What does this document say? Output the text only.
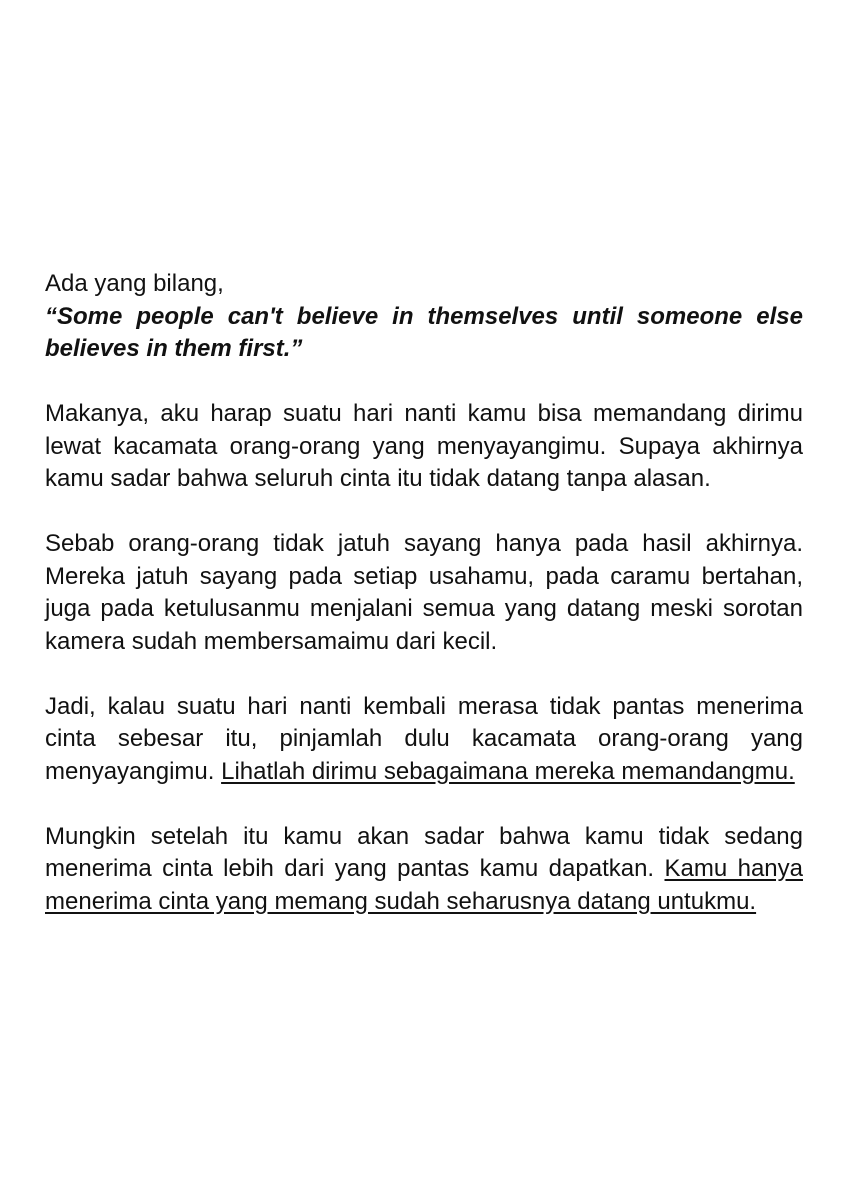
Ada yang bilang,

“Some people can't believe in themselves until someone else believes in them first.”

Makanya, aku harap suatu hari nanti kamu bisa memandang dirimu lewat kacamata orang-orang yang menyayangimu. Supaya akhirnya kamu sadar bahwa seluruh cinta itu tidak datang tanpa alasan.

Sebab orang-orang tidak jatuh sayang hanya pada hasil akhirnya. Mereka jatuh sayang pada setiap usahamu, pada caramu bertahan, juga pada ketulusanmu menjalani semua yang datang meski sorotan kamera sudah membersamaimu dari kecil.

Jadi, kalau suatu hari nanti kembali merasa tidak pantas menerima cinta sebesar itu, pinjamlah dulu kacamata orang-orang yang menyayangimu. Lihatlah dirimu sebagaimana mereka memandangmu.

Mungkin setelah itu kamu akan sadar bahwa kamu tidak sedang menerima cinta lebih dari yang pantas kamu dapatkan. Kamu hanya menerima cinta yang memang sudah seharusnya datang untukmu.
